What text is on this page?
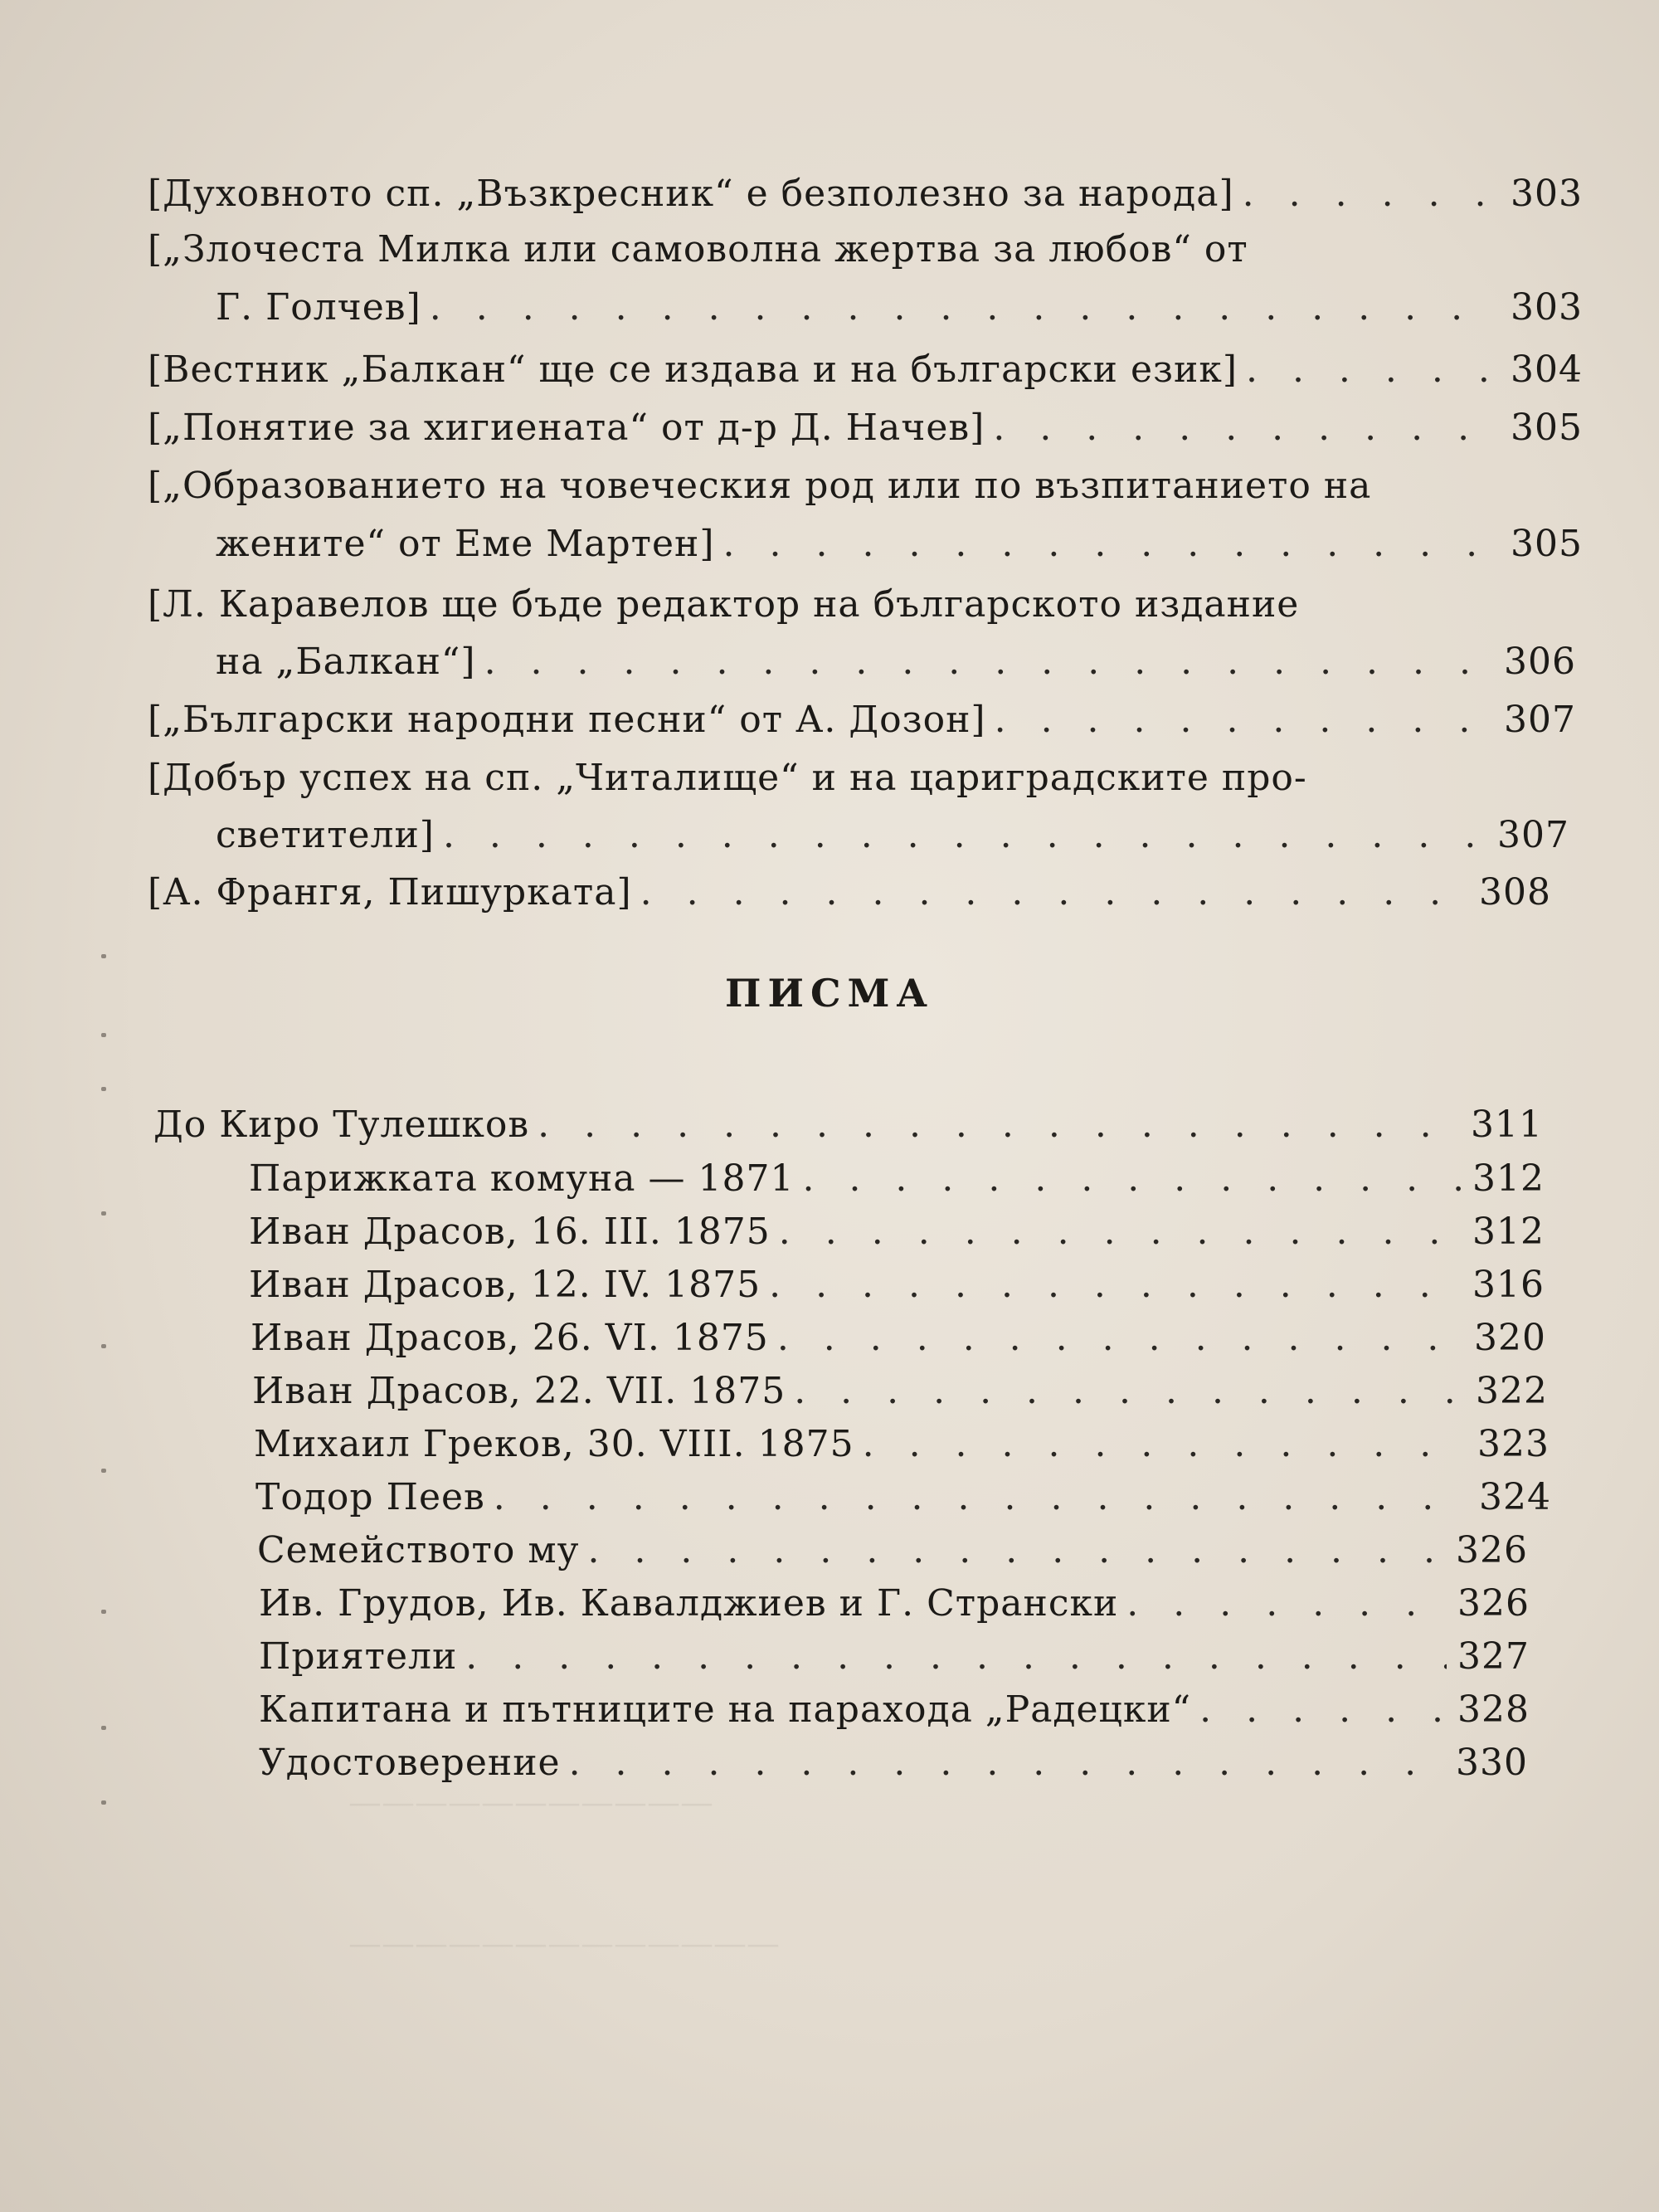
———————————
—————————————
[Духовното сп. „Възкресник“ е безполезно за народа] . . .	303
[„Злочеста Милка или самоволна жертва за любов“ от
Г. Голчев] . . .	303
[Вестник „Балкан“ ще се издава и на български език] . . .	304
[„Понятие за хигиената“ от д-р Д. Начев] . . .	305
[„Образованието на човеческия род или по възпитанието на
жените“ от Еме Мартен] . . .	305
[Л. Каравелов ще бъде редактор на българското издание
на „Балкан“] . . .	306
[„Български народни песни“ от А. Дозон] . . .	307
[Добър успех на сп. „Читалище“ и на цариградските про-
светители] . . .	307
[А. Франгя, Пишурката] . . .	308
ПИСМА
До Киро Тулешков . . .	311
Парижката комуна — 1871 . . .	312
Иван Драсов, 16. III. 1875 . . .	312
Иван Драсов, 12. IV. 1875 . . .	316
Иван Драсов, 26. VI. 1875 . . .	320
Иван Драсов, 22. VII. 1875 . . .	322
Михаил Греков, 30. VIII. 1875 . . .	323
Тодор Пеев . . .	324
Семейството му . . .	326
Ив. Грудов, Ив. Кавалджиев и Г. Странски . . .	326
Приятели . . .	327
Капитана и пътниците на парахода „Радецки“ . . .	328
Удостоверение . . .	330
